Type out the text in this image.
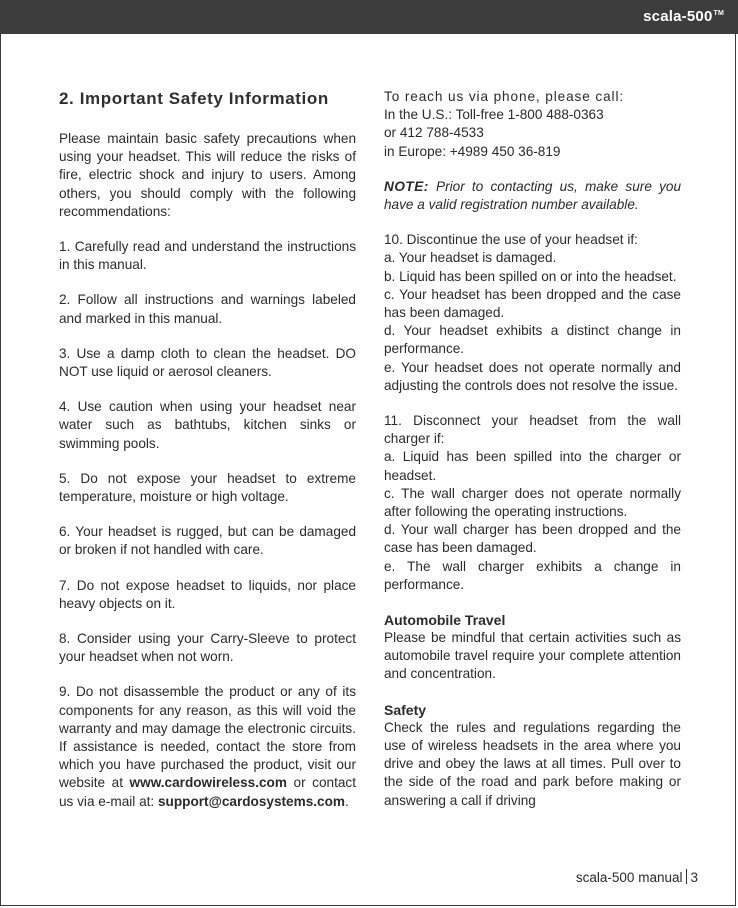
scala-500™
2. Important Safety Information

Please maintain basic safety precautions when using your headset. This will reduce the risks of fire, electric shock and injury to users. Among others, you should comply with the following recommendations:

1. Carefully read and understand the instructions in this manual.

2. Follow all instructions and warnings labeled and marked in this manual.

3. Use a damp cloth to clean the headset. DO NOT use liquid or aerosol cleaners.

4. Use caution when using your headset near water such as bathtubs, kitchen sinks or swimming pools.

5. Do not expose your headset to extreme temperature, moisture or high voltage.

6. Your headset is rugged, but can be damaged or broken if not handled with care.

7. Do not expose headset to liquids, nor place heavy objects on it.

8. Consider using your Carry-Sleeve to protect your headset when not worn.

9. Do not disassemble the product or any of its components for any reason, as this will void the warranty and may damage the electronic circuits. If assistance is needed, contact the store from which you have purchased the product, visit our website at www.cardowireless.com or contact us via e-mail at: support@cardosystems.com.

To reach us via phone, please call:
In the U.S.: Toll-free 1-800 488-0363
or 412 788-4533
in Europe: +4989 450 36-819

NOTE: Prior to contacting us, make sure you have a valid registration number available.

10. Discontinue the use of your headset if:
a. Your headset is damaged.
b. Liquid has been spilled on or into the headset.
c. Your headset has been dropped and the case has been damaged.
d. Your headset exhibits a distinct change in performance.
e. Your headset does not operate normally and adjusting the controls does not resolve the issue.

11. Disconnect your headset from the wall charger if:
a. Liquid has been spilled into the charger or headset.
c. The wall charger does not operate normally after following the operating instructions.
d. Your wall charger has been dropped and the case has been damaged.
e. The wall charger exhibits a change in performance.

Automobile Travel

Please be mindful that certain activities such as automobile travel require your complete attention and concentration.

Safety

Check the rules and regulations regarding the use of wireless headsets in the area where you drive and obey the laws at all times. Pull over to the side of the road and park before making or answering a call if driving

scala-500 manual 3
